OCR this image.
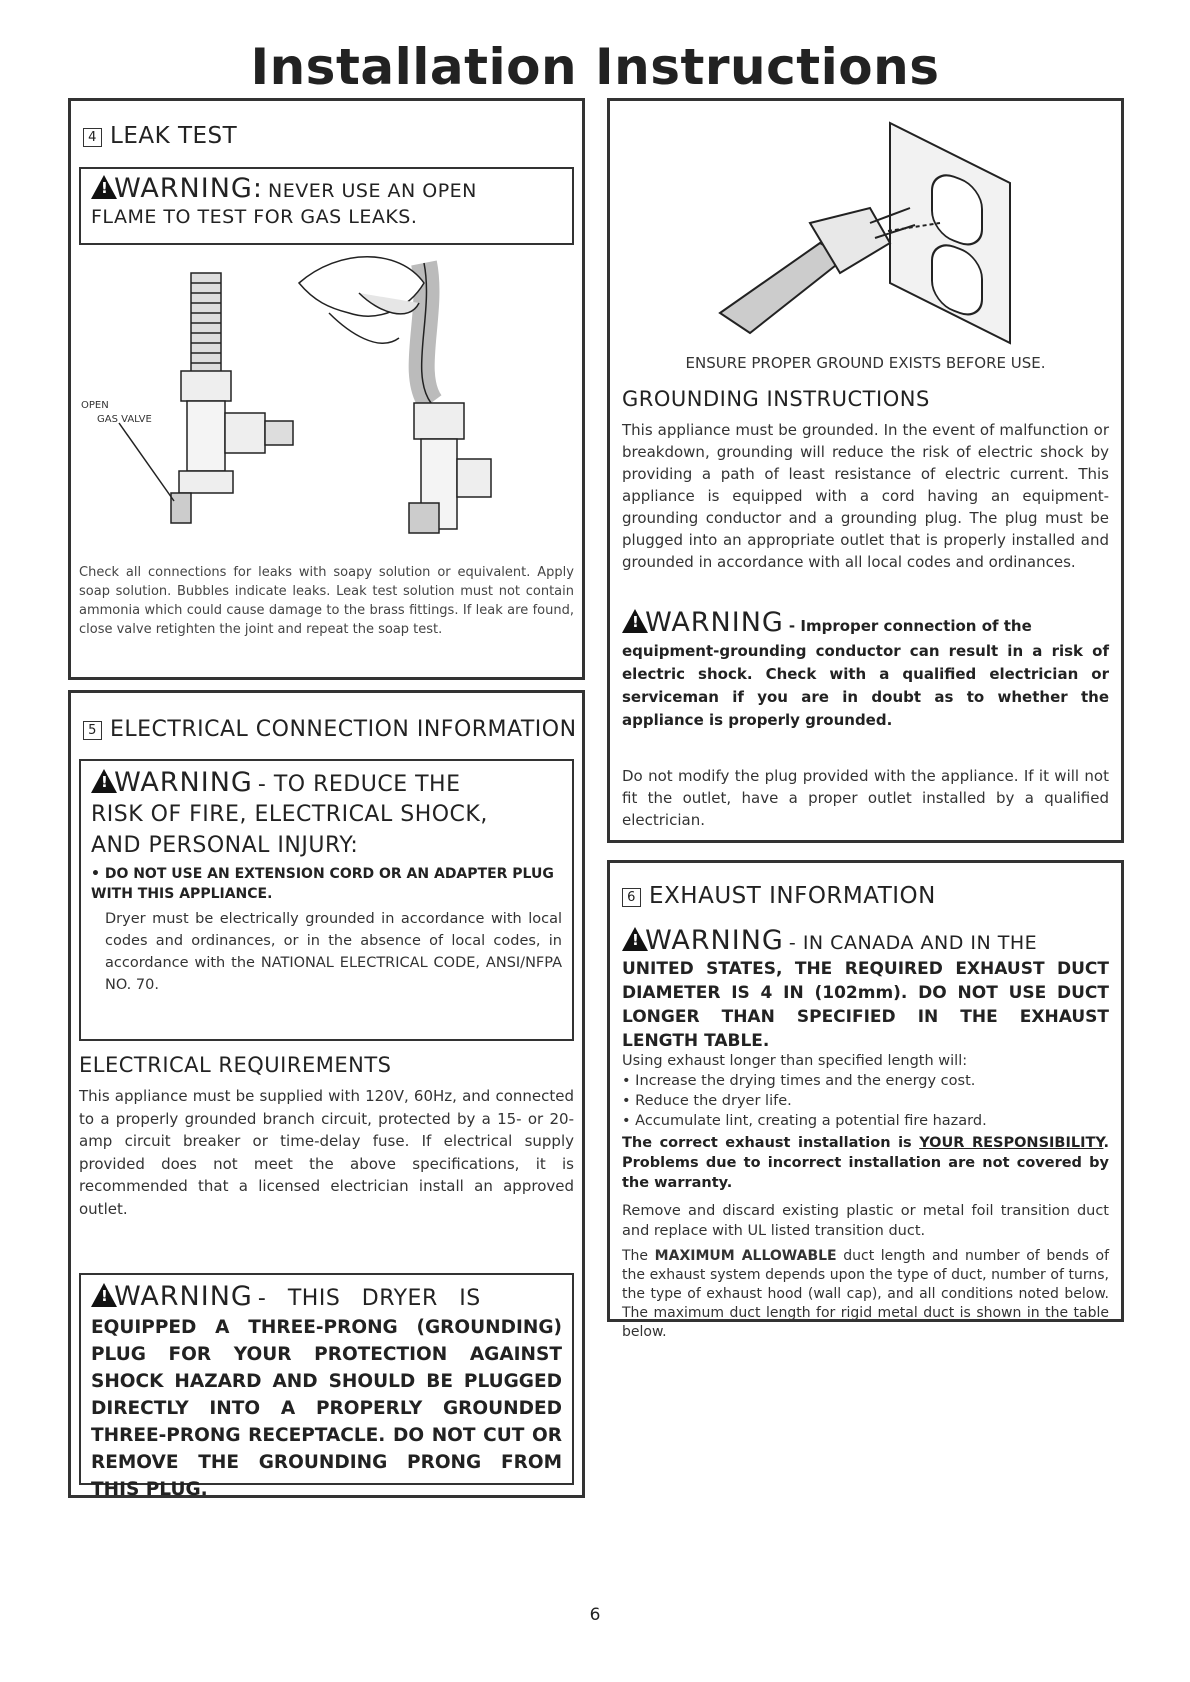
Installation Instructions
4 LEAK TEST
! WARNING: NEVER USE AN OPEN
FLAME TO TEST FOR GAS LEAKS.
OPEN
GAS VALVE
Check all connections for leaks with soapy solution or equivalent. Apply soap solution. Bubbles indicate leaks. Leak test solution must not contain ammonia which could cause damage to the brass fittings. If leak are found, close valve retighten the joint and repeat the soap test.
5 ELECTRICAL CONNECTION INFORMATION
! WARNING - TO REDUCE THE
RISK OF FIRE, ELECTRICAL SHOCK,
AND PERSONAL INJURY:
• DO NOT USE AN EXTENSION CORD OR AN ADAPTER PLUG WITH THIS APPLIANCE.
Dryer must be electrically grounded in accordance with local codes and ordinances, or in the absence of local codes, in accordance with the NATIONAL ELECTRICAL CODE, ANSI/NFPA NO. 70.
ELECTRICAL REQUIREMENTS
This appliance must be supplied with 120V, 60Hz, and connected to a properly grounded branch circuit, protected by a 15- or 20- amp circuit breaker or time-delay fuse. If electrical supply provided does not meet the above specifications, it is recommended that a licensed electrician install an approved outlet.
! WARNING - THIS DRYER IS
EQUIPPED A THREE-PRONG (GROUNDING) PLUG FOR YOUR PROTECTION AGAINST SHOCK HAZARD AND SHOULD BE PLUGGED DIRECTLY INTO A PROPERLY GROUNDED THREE-PRONG RECEPTACLE. DO NOT CUT OR REMOVE THE GROUNDING PRONG FROM THIS PLUG.
ENSURE PROPER GROUND EXISTS BEFORE USE.
GROUNDING INSTRUCTIONS
This appliance must be grounded. In the event of malfunction or breakdown, grounding will reduce the risk of electric shock by providing a path of least resistance of electric current. This appliance is equipped with a cord having an equipment-grounding conductor and a grounding plug. The plug must be plugged into an appropriate outlet that is properly installed and grounded in accordance with all local codes and ordinances.
! WARNING - Improper connection of the
equipment-grounding conductor can result in a risk of electric shock. Check with a qualified electrician or serviceman if you are in doubt as to whether the appliance is properly grounded.
Do not modify the plug provided with the appliance. If it will not fit the outlet, have a proper outlet installed by a qualified electrician.
6 EXHAUST INFORMATION
! WARNING - IN CANADA AND IN THE
UNITED STATES, THE REQUIRED EXHAUST DUCT DIAMETER IS 4 IN (102mm). DO NOT USE DUCT LONGER THAN SPECIFIED IN THE EXHAUST LENGTH TABLE.
Using exhaust longer than specified length will:
• Increase the drying times and the energy cost.
• Reduce the dryer life.
• Accumulate lint, creating a potential fire hazard.
The correct exhaust installation is YOUR RESPONSIBILITY. Problems due to incorrect installation are not covered by the warranty.
Remove and discard existing plastic or metal foil transition duct and replace with UL listed transition duct.
The MAXIMUM ALLOWABLE duct length and number of bends of the exhaust system depends upon the type of duct, number of turns, the type of exhaust hood (wall cap), and all conditions noted below. The maximum duct length for rigid metal duct is shown in the table below.
6
